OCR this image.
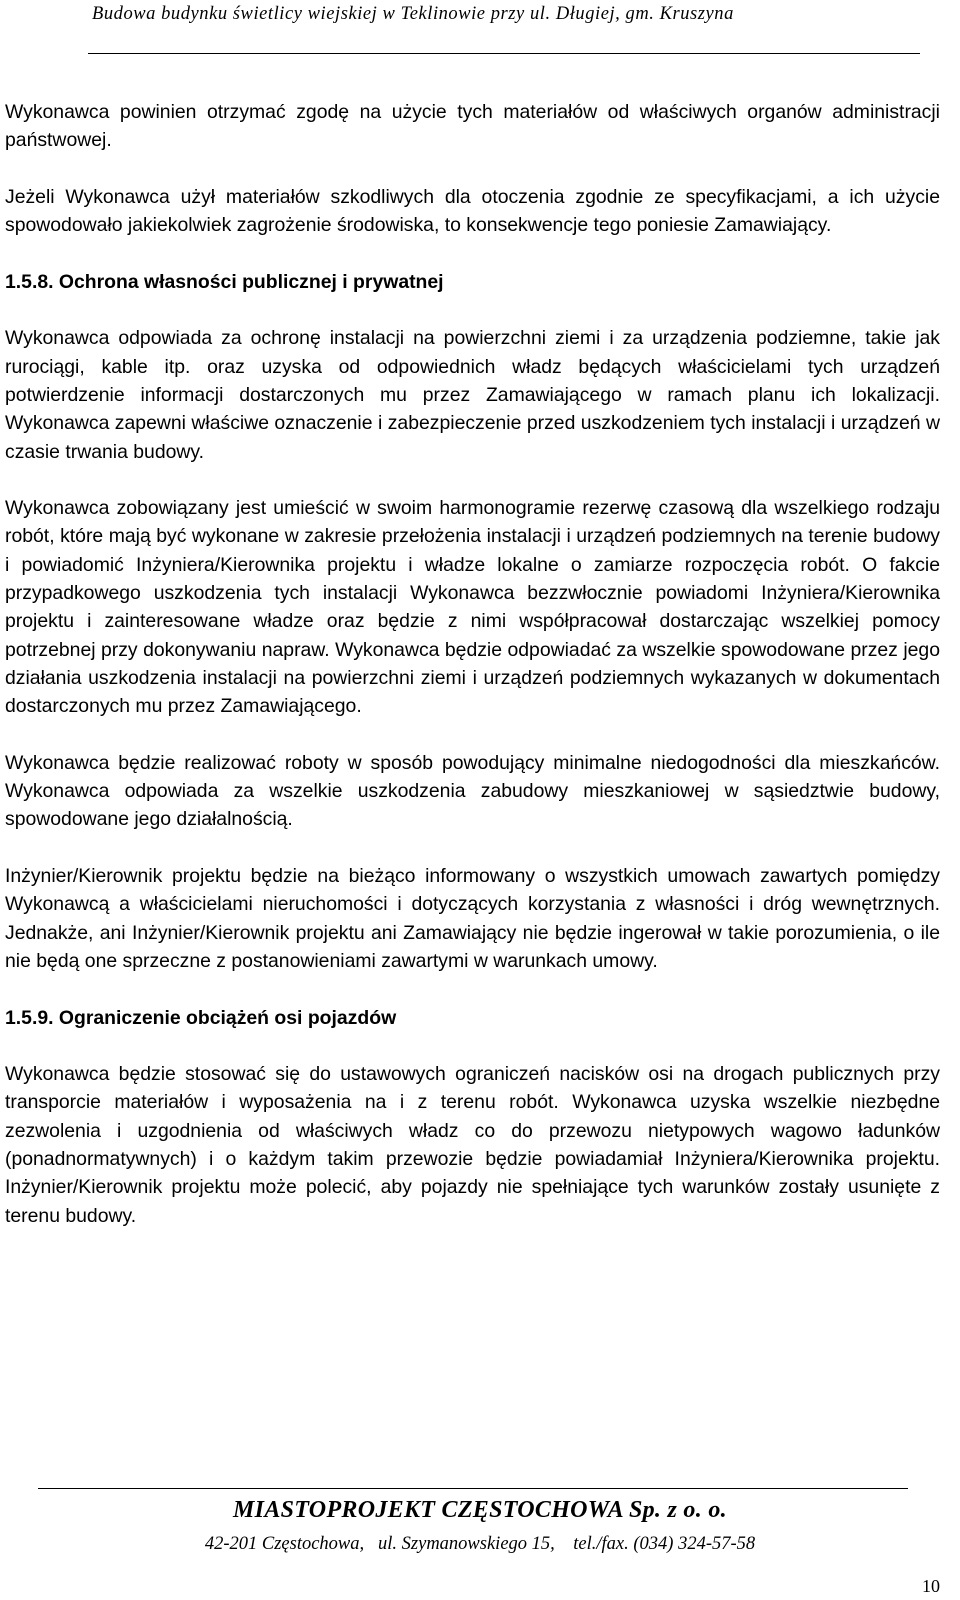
Budowa budynku świetlicy wiejskiej w Teklinowie przy ul. Długiej, gm. Kruszyna

Wykonawca powinien otrzymać zgodę na użycie tych materiałów od właściwych organów administracji państwowej.

Jeżeli Wykonawca użył materiałów szkodliwych dla otoczenia zgodnie ze specyfikacjami, a ich użycie spowodowało jakiekolwiek zagrożenie środowiska, to konsekwencje tego poniesie Zamawiający.

1.5.8. Ochrona własności publicznej i prywatnej

Wykonawca odpowiada za ochronę instalacji na powierzchni ziemi i za urządzenia podziemne, takie jak rurociągi, kable itp. oraz uzyska od odpowiednich władz będących właścicielami tych urządzeń potwierdzenie informacji dostarczonych mu przez Zamawiającego w ramach planu ich lokalizacji. Wykonawca zapewni właściwe oznaczenie i zabezpieczenie przed uszkodzeniem tych instalacji i urządzeń w czasie trwania budowy.

Wykonawca zobowiązany jest umieścić w swoim harmonogramie rezerwę czasową dla wszelkiego rodzaju robót, które mają być wykonane w zakresie przełożenia instalacji i urządzeń podziemnych na terenie budowy i powiadomić Inżyniera/Kierownika projektu i władze lokalne o zamiarze rozpoczęcia robót. O fakcie przypadkowego uszkodzenia tych instalacji Wykonawca bezzwłocznie powiadomi Inżyniera/Kierownika projektu i zainteresowane władze oraz będzie z nimi współpracował dostarczając wszelkiej pomocy potrzebnej przy dokonywaniu napraw. Wykonawca będzie odpowiadać za wszelkie spowodowane przez jego działania uszkodzenia instalacji na powierzchni ziemi i urządzeń podziemnych wykazanych w dokumentach dostarczonych mu przez Zamawiającego.

Wykonawca będzie realizować roboty w sposób powodujący minimalne niedogodności dla mieszkańców. Wykonawca odpowiada za wszelkie uszkodzenia zabudowy mieszkaniowej w sąsiedztwie budowy, spowodowane jego działalnością.

Inżynier/Kierownik projektu będzie na bieżąco informowany o wszystkich umowach zawartych pomiędzy Wykonawcą a właścicielami nieruchomości i dotyczących korzystania z własności i dróg wewnętrznych. Jednakże, ani Inżynier/Kierownik projektu ani Zamawiający nie będzie ingerował w takie porozumienia, o ile nie będą one sprzeczne z postanowieniami zawartymi w warunkach umowy.

1.5.9. Ograniczenie obciążeń osi pojazdów

Wykonawca będzie stosować się do ustawowych ograniczeń nacisków osi na drogach publicznych przy transporcie materiałów i wyposażenia na i z terenu robót. Wykonawca uzyska wszelkie niezbędne zezwolenia i uzgodnienia od właściwych władz co do przewozu nietypowych wagowo ładunków (ponadnormatywnych) i o każdym takim przewozie będzie powiadamiał Inżyniera/Kierownika projektu. Inżynier/Kierownik projektu może polecić, aby pojazdy nie spełniające tych warunków zostały usunięte z terenu budowy.

MIASTOPROJEKT CZĘSTOCHOWA Sp. z o. o.
42-201 Częstochowa,   ul. Szymanowskiego 15,    tel./fax. (034) 324-57-58
10
